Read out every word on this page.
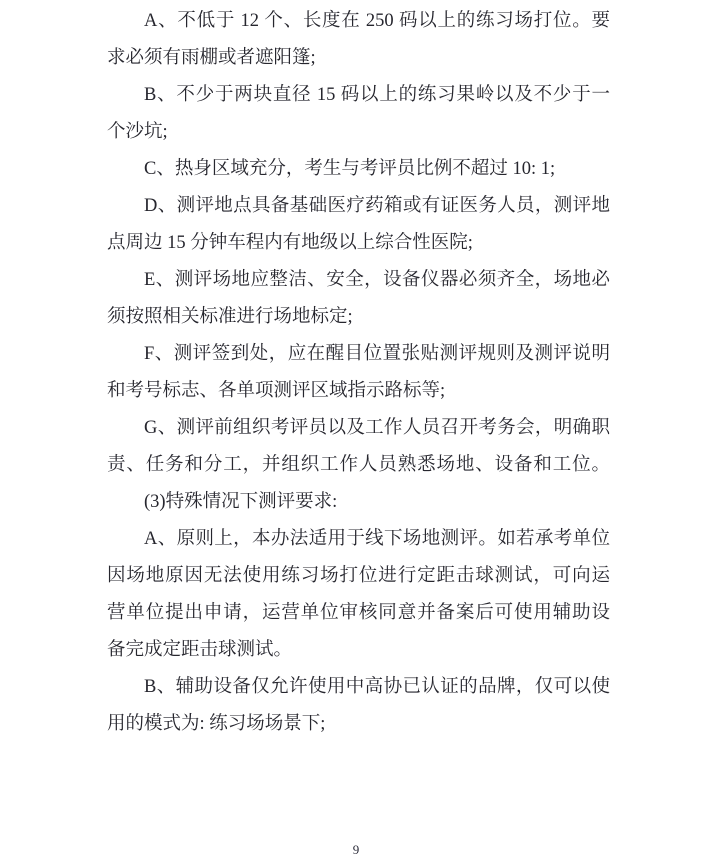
A、不低于 12 个、长度在 250 码以上的练习场打位。要
求必须有雨棚或者遮阳篷;
B、不少于两块直径 15 码以上的练习果岭以及不少于一
个沙坑;
C、热身区域充分，考生与考评员比例不超过 10: 1;
D、测评地点具备基础医疗药箱或有证医务人员，测评地
点周边 15 分钟车程内有地级以上综合性医院;
E、测评场地应整洁、安全，设备仪器必须齐全，场地必
须按照相关标准进行场地标定;
F、测评签到处，应在醒目位置张贴测评规则及测评说明
和考号标志、各单项测评区域指示路标等;
G、测评前组织考评员以及工作人员召开考务会，明确职
责、任务和分工，并组织工作人员熟悉场地、设备和工位。
(3)特殊情况下测评要求:
A、原则上，本办法适用于线下场地测评。如若承考单位
因场地原因无法使用练习场打位进行定距击球测试，可向运
营单位提出申请，运营单位审核同意并备案后可使用辅助设
备完成定距击球测试。
B、辅助设备仅允许使用中高协已认证的品牌，仅可以使
用的模式为: 练习场场景下;
9
